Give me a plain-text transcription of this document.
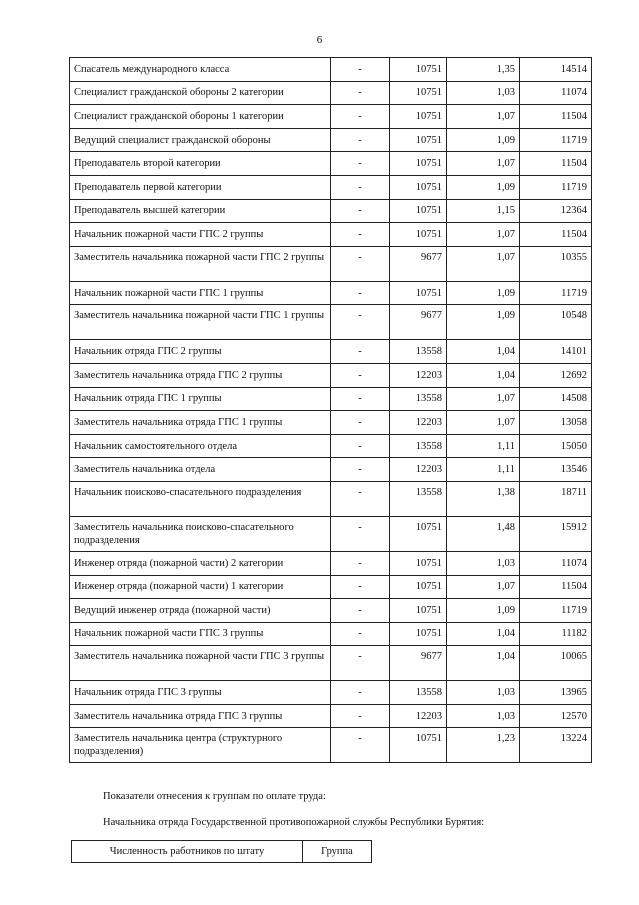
6
Спасатель международного класса	-	10751	1,35	14514
Специалист гражданской обороны 2 категории	-	10751	1,03	11074
Специалист гражданской обороны 1 категории	-	10751	1,07	11504
Ведущий специалист гражданской обороны	-	10751	1,09	11719
Преподаватель второй категории	-	10751	1,07	11504
Преподаватель первой категории	-	10751	1,09	11719
Преподаватель высшей категории	-	10751	1,15	12364
Начальник пожарной части ГПС 2 группы	-	10751	1,07	11504
Заместитель начальника пожарной части ГПС 2 группы	-	9677	1,07	10355
Начальник пожарной части ГПС 1 группы	-	10751	1,09	11719
Заместитель начальника пожарной части ГПС 1 группы	-	9677	1,09	10548
Начальник отряда ГПС 2 группы	-	13558	1,04	14101
Заместитель начальника отряда ГПС 2 группы	-	12203	1,04	12692
Начальник отряда ГПС 1 группы	-	13558	1,07	14508
Заместитель начальника отряда ГПС 1 группы	-	12203	1,07	13058
Начальник самостоятельного отдела	-	13558	1,11	15050
Заместитель начальника отдела	-	12203	1,11	13546
Начальник поисково-спасательного подразделения	-	13558	1,38	18711
Заместитель начальника поисково-спасательного подразделения	-	10751	1,48	15912
Инженер отряда (пожарной части) 2 категории	-	10751	1,03	11074
Инженер отряда (пожарной части) 1 категории	-	10751	1,07	11504
Ведущий инженер отряда (пожарной части)	-	10751	1,09	11719
Начальник пожарной части ГПС 3 группы	-	10751	1,04	11182
Заместитель начальника пожарной части ГПС 3 группы	-	9677	1,04	10065
Начальник отряда ГПС 3 группы	-	13558	1,03	13965
Заместитель начальника отряда ГПС 3 группы	-	12203	1,03	12570
Заместитель начальника центра (структурного подразделения)	-	10751	1,23	13224
Показатели отнесения к группам по оплате труда:
Начальника отряда Государственной противопожарной службы Республики Бурятия:
Численность работников по штату	Группа
